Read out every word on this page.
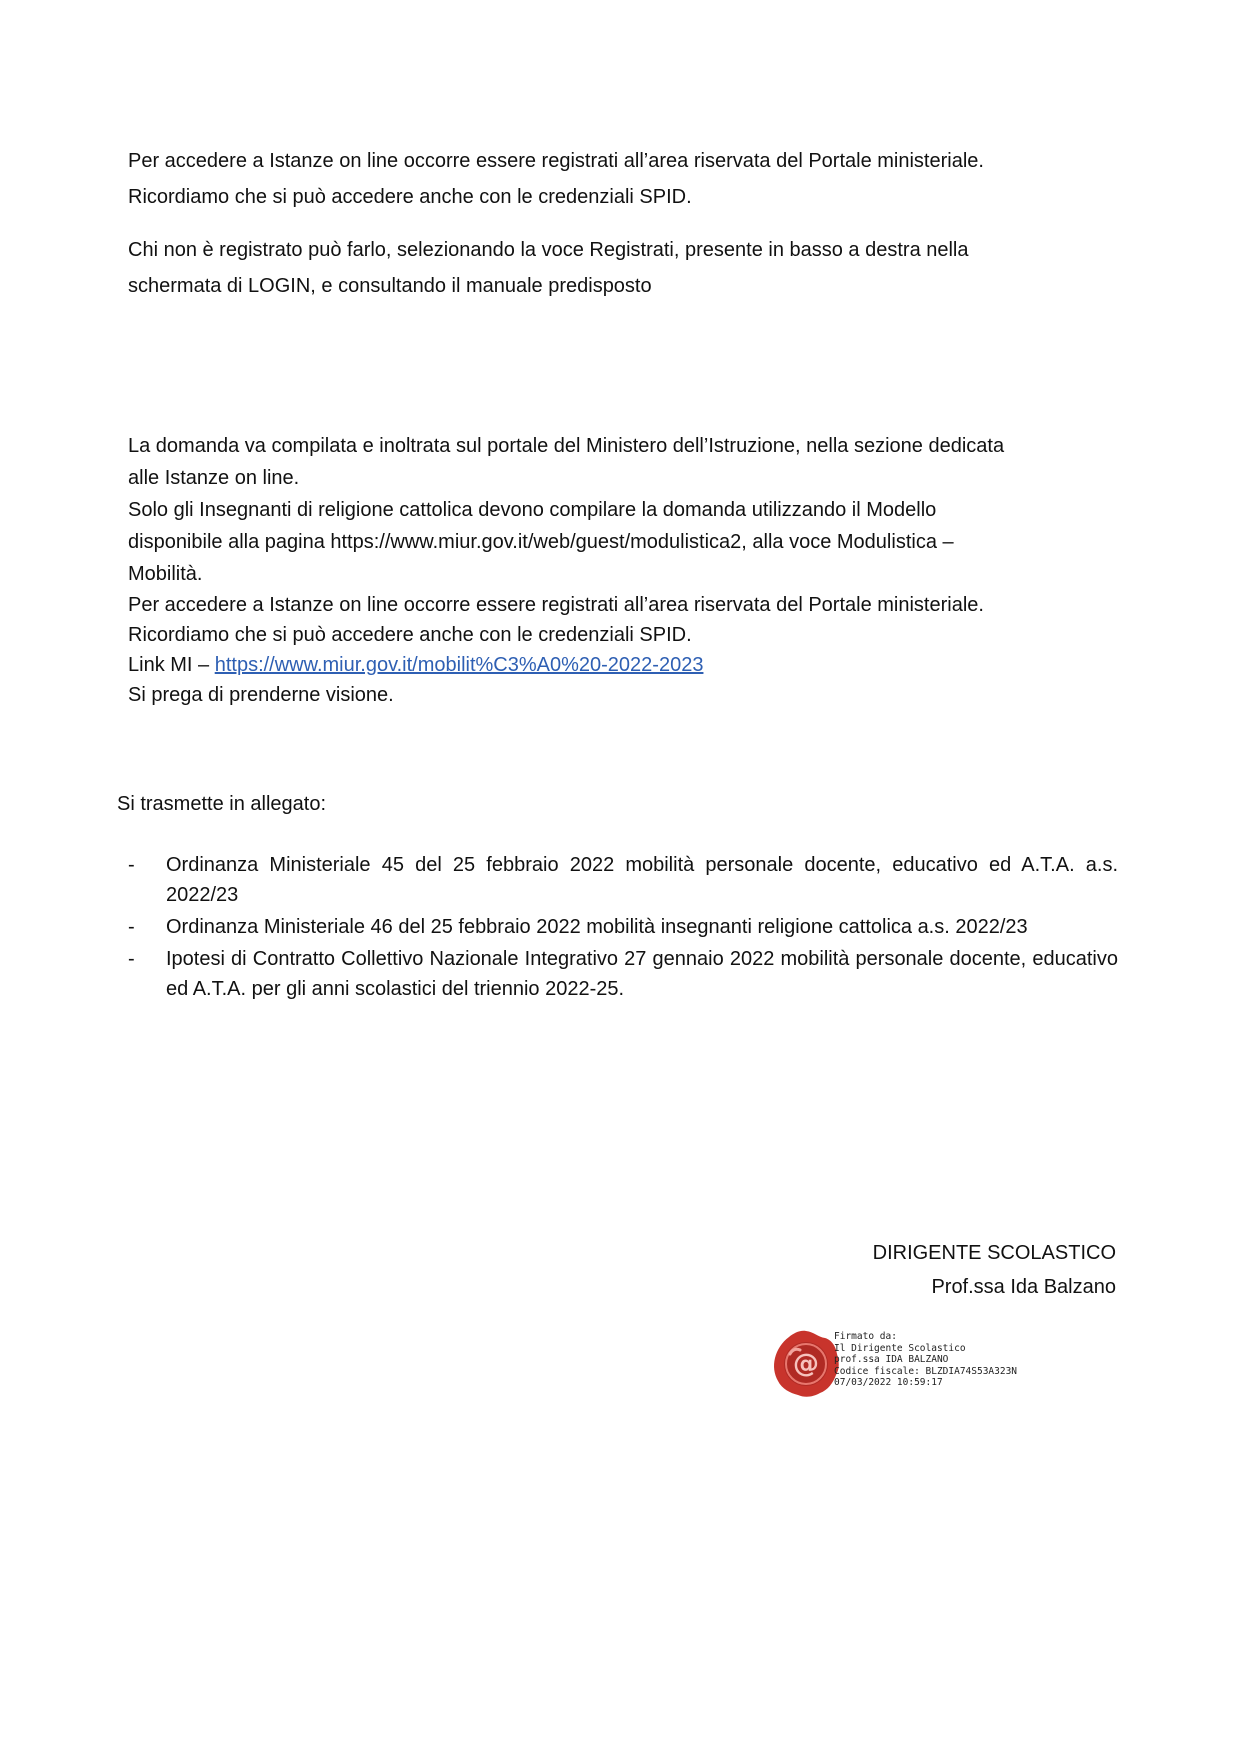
Per accedere a Istanze on line occorre essere registrati all’area riservata del Portale ministeriale.
Ricordiamo che si può accedere anche con le credenziali SPID.
Chi non è registrato può farlo, selezionando la voce Registrati, presente in basso a destra nella
schermata di LOGIN, e consultando il manuale predisposto
La domanda va compilata e inoltrata sul portale del Ministero dell’Istruzione, nella sezione dedicata
alle Istanze on line.
Solo gli Insegnanti di religione cattolica devono compilare la domanda utilizzando il Modello
disponibile alla pagina https://www.miur.gov.it/web/guest/modulistica2, alla voce Modulistica –
Mobilità.
Per accedere a Istanze on line occorre essere registrati all’area riservata del Portale ministeriale.
Ricordiamo che si può accedere anche con le credenziali SPID.
Link MI – https://www.miur.gov.it/mobilit%C3%A0%20-2022-2023
Si prega di prenderne visione.
Si trasmette in allegato:
- Ordinanza Ministeriale 45 del 25 febbraio 2022 mobilità personale docente, educativo ed A.T.A. a.s. 2022/23
- Ordinanza Ministeriale 46 del 25 febbraio 2022 mobilità insegnanti religione cattolica a.s. 2022/23
- Ipotesi di Contratto Collettivo Nazionale Integrativo 27 gennaio 2022 mobilità personale docente, educativo ed A.T.A. per gli anni scolastici del triennio 2022-25.
DIRIGENTE SCOLASTICO
Prof.ssa Ida Balzano
@
Firmato da:
Il Dirigente Scolastico
prof.ssa IDA BALZANO
Codice fiscale: BLZDIA74S53A323N
07/03/2022 10:59:17
